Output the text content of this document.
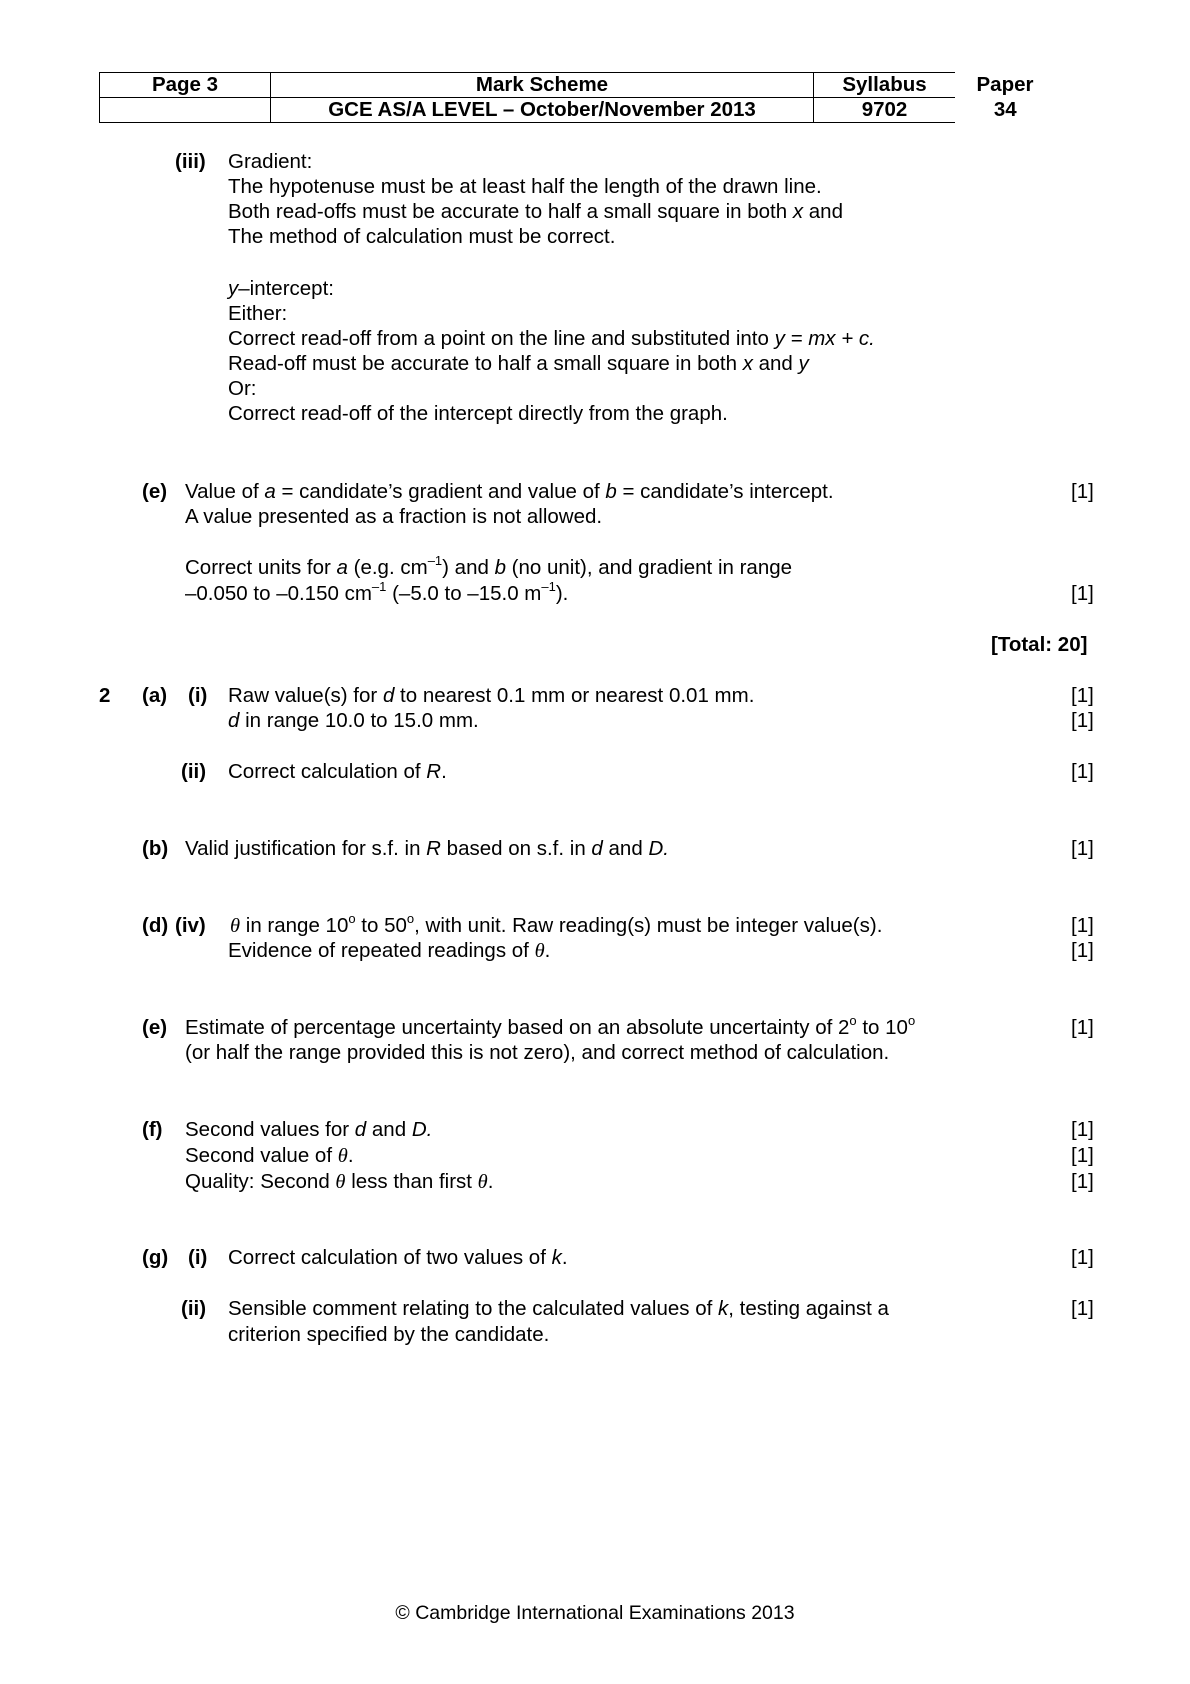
Page 3	Mark Scheme	Syllabus	Paper
	GCE AS/A LEVEL – October/November 2013	9702	34
(iii) Gradient:
The hypotenuse must be at least half the length of the drawn line.
Both read-offs must be accurate to half a small square in both x and
The method of calculation must be correct.
y–intercept:
Either:
Correct read-off from a point on the line and substituted into y = mx + c.
Read-off must be accurate to half a small square in both x and y
Or:
Correct read-off of the intercept directly from the graph.
(e) Value of a = candidate’s gradient and value of b = candidate’s intercept.	[1]
A value presented as a fraction is not allowed.
Correct units for a (e.g. $cm^{-1}$) and b (no unit), and gradient in range
–0.050 to –0.150 $cm^{-1}$ (–5.0 to –15.0 $m^{-1}$).	[1]
[Total: 20]
2 (a) (i) Raw value(s) for d to nearest 0.1 mm or nearest 0.01 mm.	[1]
d in range 10.0 to 15.0 mm.	[1]
(ii) Correct calculation of R.	[1]
(b) Valid justification for s.f. in R based on s.f. in d and D.	[1]
(d) (iv) θ in range 10$^o$ to 50$^o$, with unit. Raw reading(s) must be integer value(s).	[1]
Evidence of repeated readings of θ.	[1]
(e) Estimate of percentage uncertainty based on an absolute uncertainty of 2$^o$ to 10$^o$	[1]
(or half the range provided this is not zero), and correct method of calculation.
(f) Second values for d and D.	[1]
Second value of θ.	[1]
Quality: Second θ less than first θ.	[1]
(g) (i) Correct calculation of two values of k.	[1]
(ii) Sensible comment relating to the calculated values of k, testing against a	[1]
criterion specified by the candidate.
© Cambridge International Examinations 2013
